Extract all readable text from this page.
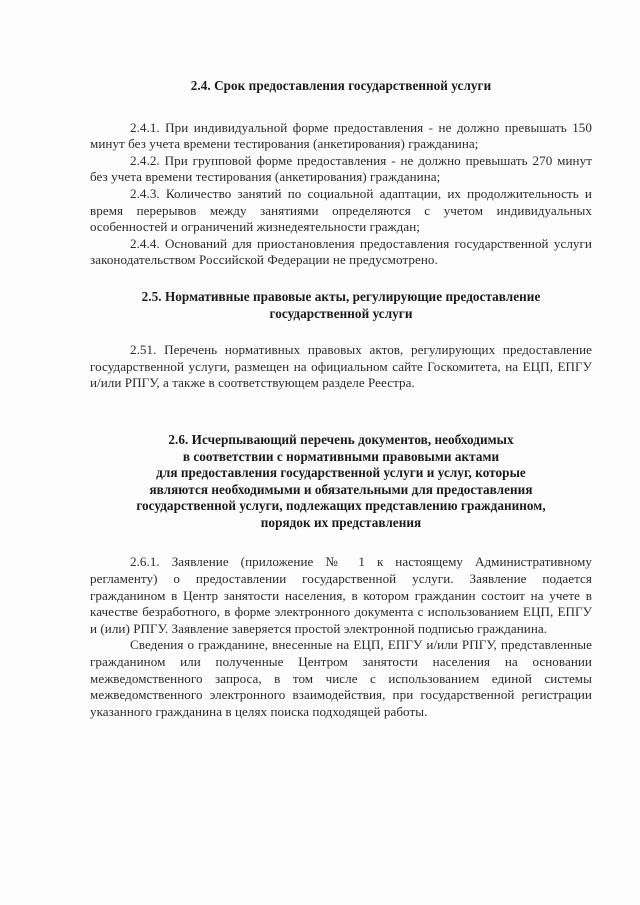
2.4. Срок предоставления государственной услуги

2.4.1. При индивидуальной форме предоставления - не должно превышать 150 минут без учета времени тестирования (анкетирования) гражданина;

2.4.2. При групповой форме предоставления - не должно превышать 270 минут без учета времени тестирования (анкетирования) гражданина;

2.4.3. Количество занятий по социальной адаптации, их продолжительность и время перерывов между занятиями определяются с учетом индивидуальных особенностей и ограничений жизнедеятельности граждан;

2.4.4. Оснований для приостановления предоставления государственной услуги законодательством Российской Федерации не предусмотрено.

2.5. Нормативные правовые акты, регулирующие предоставление
государственной услуги

2.51. Перечень нормативных правовых актов, регулирующих предоставление государственной услуги, размещен на официальном сайте Госкомитета, на ЕЦП, ЕПГУ и/или РПГУ, а также в соответствующем разделе Реестра.

2.6. Исчерпывающий перечень документов, необходимых
в соответствии с нормативными правовыми актами
для предоставления государственной услуги и услуг, которые
являются необходимыми и обязательными для предоставления
государственной услуги, подлежащих представлению гражданином,
порядок их представления

2.6.1. Заявление (приложение № 1 к настоящему Административному регламенту) о предоставлении государственной услуги. Заявление подается гражданином в Центр занятости населения, в котором гражданин состоит на учете в качестве безработного, в форме электронного документа с использованием ЕЦП, ЕПГУ и (или) РПГУ. Заявление заверяется простой электронной подписью гражданина.

Сведения о гражданине, внесенные на ЕЦП, ЕПГУ и/или РПГУ, представленные гражданином или полученные Центром занятости населения на основании межведомственного запроса, в том числе с использованием единой системы межведомственного электронного взаимодействия, при государственной регистрации указанного гражданина в целях поиска подходящей работы.
